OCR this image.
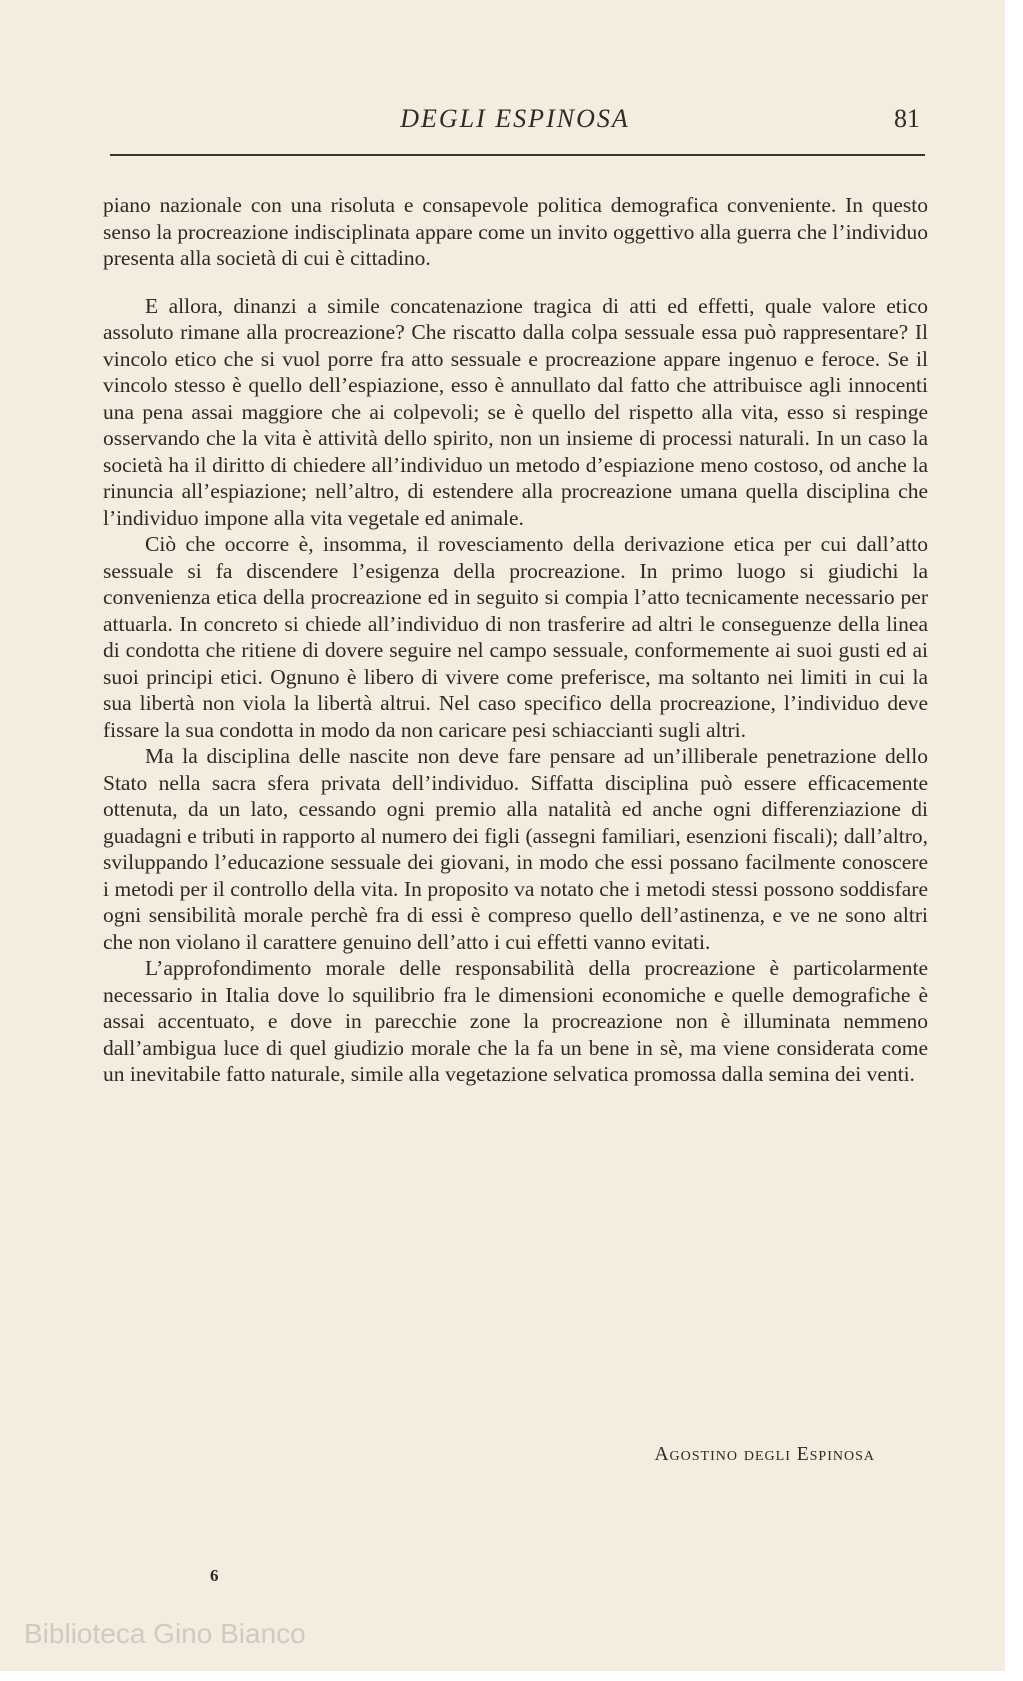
DEGLI ESPINOSA	81

piano nazionale con una risoluta e consapevole politica demografica conveniente. In questo senso la procreazione indisciplinata appare come un invito oggettivo alla guerra che l’individuo presenta alla società di cui è cittadino.

E allora, dinanzi a simile concatenazione tragica di atti ed effetti, quale valore etico assoluto rimane alla procreazione? Che riscatto dalla colpa sessuale essa può rappresentare? Il vincolo etico che si vuol porre fra atto sessuale e procreazione appare ingenuo e feroce. Se il vincolo stesso è quello dell’espiazione, esso è annullato dal fatto che attribuisce agli innocenti una pena assai maggiore che ai colpevoli; se è quello del rispetto alla vita, esso si respinge osservando che la vita è attività dello spirito, non un insieme di processi naturali. In un caso la società ha il diritto di chiedere all’individuo un metodo d’espiazione meno costoso, od anche la rinuncia all’espiazione; nell’altro, di estendere alla procreazione umana quella disciplina che l’individuo impone alla vita vegetale ed animale.

Ciò che occorre è, insomma, il rovesciamento della derivazione etica per cui dall’atto sessuale si fa discendere l’esigenza della procreazione. In primo luogo si giudichi la convenienza etica della procreazione ed in seguito si compia l’atto tecnicamente necessario per attuarla. In concreto si chiede all’individuo di non trasferire ad altri le conseguenze della linea di condotta che ritiene di dovere seguire nel campo sessuale, conformemente ai suoi gusti ed ai suoi principi etici. Ognuno è libero di vivere come preferisce, ma soltanto nei limiti in cui la sua libertà non viola la libertà altrui. Nel caso specifico della procreazione, l’individuo deve fissare la sua condotta in modo da non caricare pesi schiaccianti sugli altri.

Ma la disciplina delle nascite non deve fare pensare ad un’illiberale penetrazione dello Stato nella sacra sfera privata dell’individuo. Siffatta disciplina può essere efficacemente ottenuta, da un lato, cessando ogni premio alla natalità ed anche ogni differenziazione di guadagni e tributi in rapporto al numero dei figli (assegni familiari, esenzioni fiscali); dall’altro, sviluppando l’educazione sessuale dei giovani, in modo che essi possano facilmente conoscere i metodi per il controllo della vita. In proposito va notato che i metodi stessi possono soddisfare ogni sensibilità morale perchè fra di essi è compreso quello dell’astinenza, e ve ne sono altri che non violano il carattere genuino dell’atto i cui effetti vanno evitati.

L’approfondimento morale delle responsabilità della procreazione è particolarmente necessario in Italia dove lo squilibrio fra le dimensioni economiche e quelle demografiche è assai accentuato, e dove in parecchie zone la procreazione non è illuminata nemmeno dall’ambigua luce di quel giudizio morale che la fa un bene in sè, ma viene considerata come un inevitabile fatto naturale, simile alla vegetazione selvatica promossa dalla semina dei venti.

Agostino degli Espinosa
6
Biblioteca Gino Bianco
